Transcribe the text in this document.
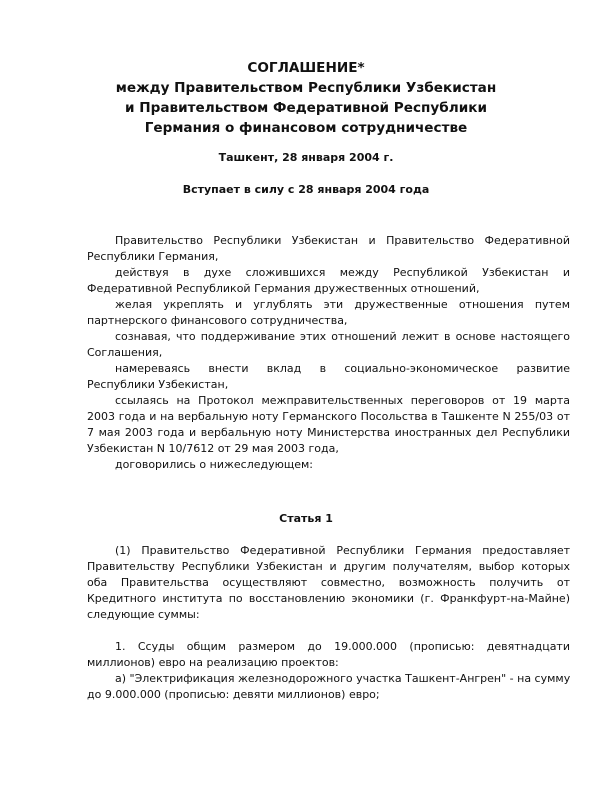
СОГЛАШЕНИЕ*
между Правительством Республики Узбекистан
и Правительством Федеративной Республики
Германия о финансовом сотрудничестве
Ташкент, 28 января 2004 г.
Вступает в силу с 28 января 2004 года
Правительство Республики Узбекистан и Правительство Федеративной
Республики Германия,
действуя в духе сложившихся между Республикой Узбекистан и
Федеративной Республикой Германия дружественных отношений,
желая укреплять и углублять эти дружественные отношения путем
партнерского финансового сотрудничества,
сознавая, что поддерживание этих отношений лежит в основе настоящего
Соглашения,
намереваясь внести вклад в социально-экономическое развитие
Республики Узбекистан,
ссылаясь на Протокол межправительственных переговоров от 19 марта
2003 года и на вербальную ноту Германского Посольства в Ташкенте N 255/03 от
7 мая 2003 года и вербальную ноту Министерства иностранных дел Республики
Узбекистан N 10/7612 от 29 мая 2003 года,
договорились о нижеследующем:
Статья 1
(1) Правительство Федеративной Республики Германия предоставляет
Правительству Республики Узбекистан и другим получателям, выбор которых
оба Правительства осуществляют совместно, возможность получить от
Кредитного института по восстановлению экономики (г. Франкфурт-на-Майне)
следующие суммы:
1. Ссуды общим размером до 19.000.000 (прописью: девятнадцати
миллионов) евро на реализацию проектов:
а) "Электрификация железнодорожного участка Ташкент-Ангрен" - на сумму
до 9.000.000 (прописью: девяти миллионов) евро;
